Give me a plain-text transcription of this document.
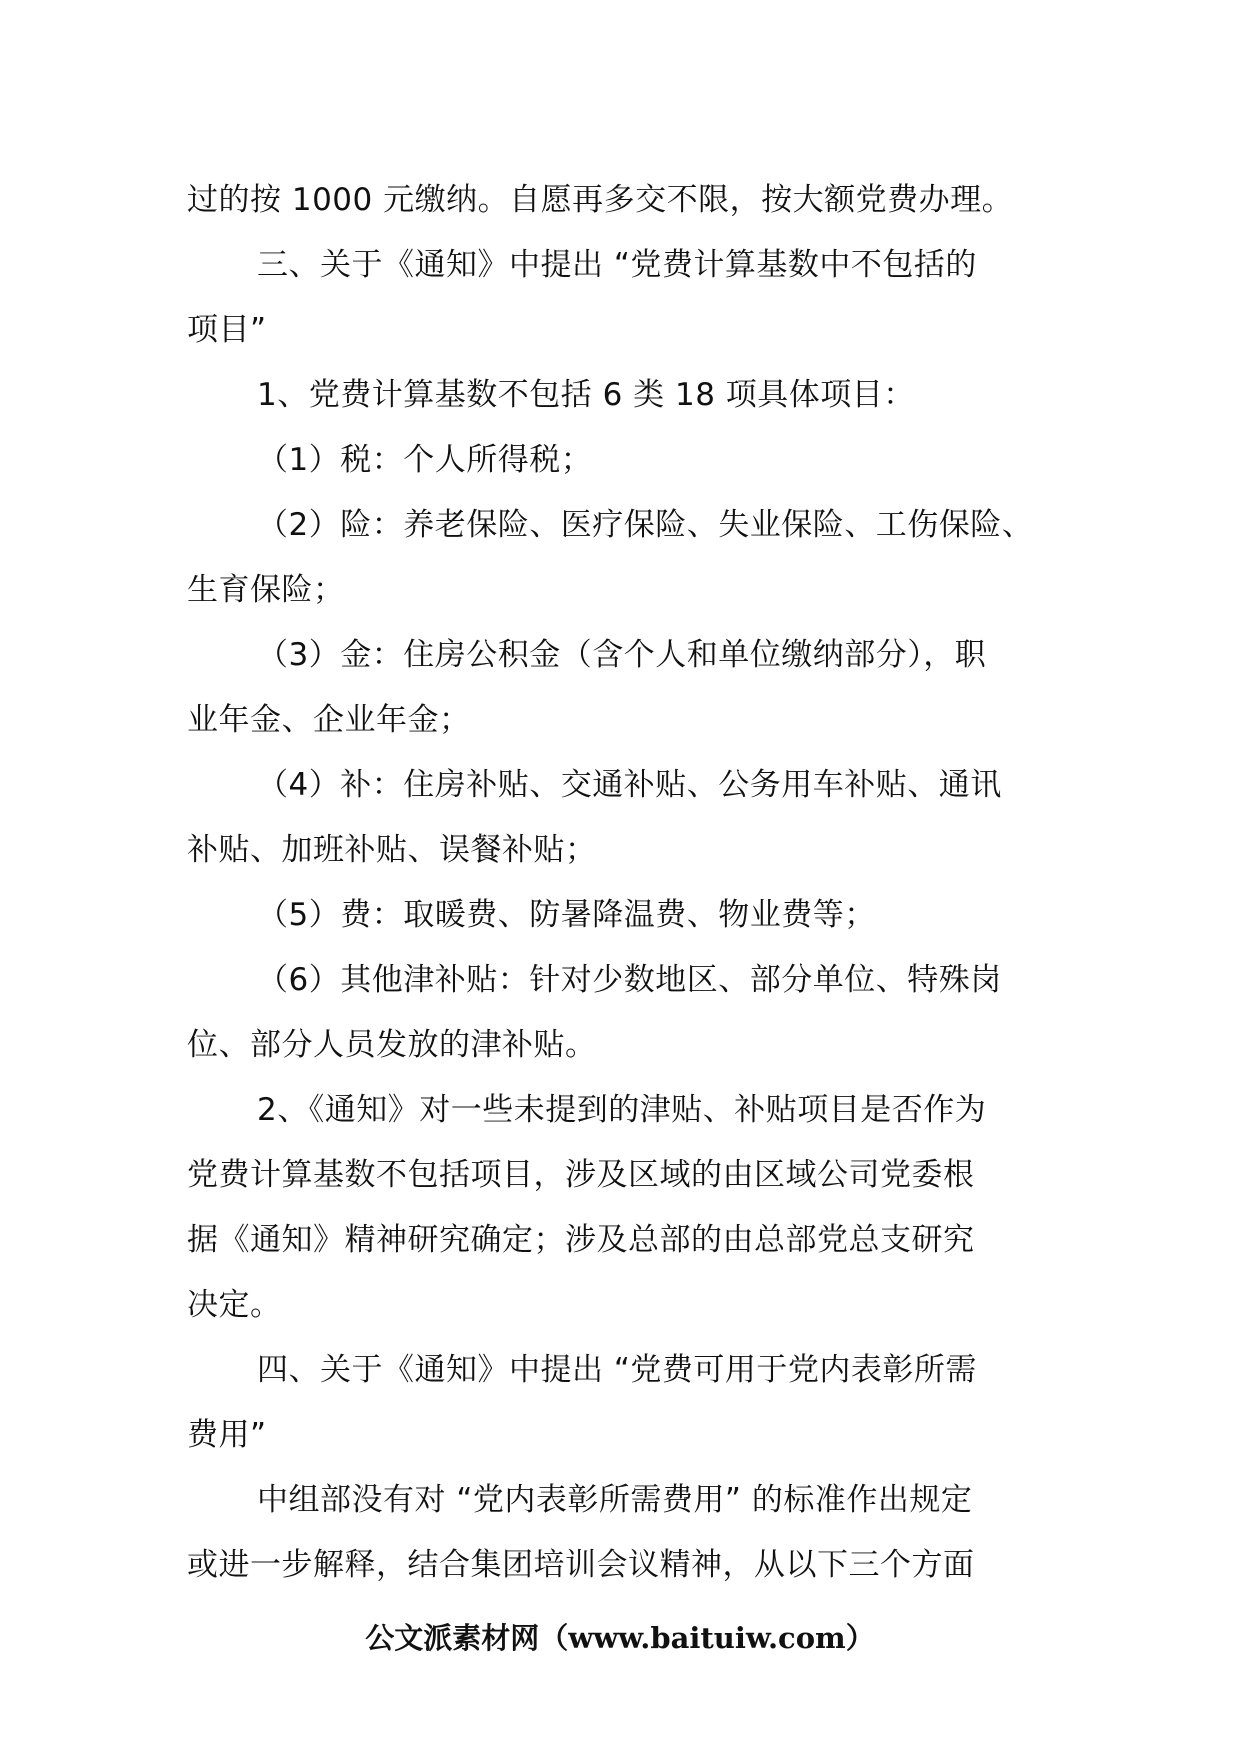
过的按 1000 元缴纳。自愿再多交不限，按大额党费办理。
三、关于《通知》中提出 “党费计算基数中不包括的
项目”
1、党费计算基数不包括 6 类 18 项具体项目：
（1）税：个人所得税；
（2）险：养老保险、医疗保险、失业保险、工伤保险、
生育保险；
（3）金：住房公积金（含个人和单位缴纳部分），职
业年金、企业年金；
（4）补：住房补贴、交通补贴、公务用车补贴、通讯
补贴、加班补贴、误餐补贴；
（5）费：取暖费、防暑降温费、物业费等；
（6）其他津补贴：针对少数地区、部分单位、特殊岗
位、部分人员发放的津补贴。
2、《通知》对一些未提到的津贴、补贴项目是否作为
党费计算基数不包括项目，涉及区域的由区域公司党委根
据《通知》精神研究确定；涉及总部的由总部党总支研究
决定。
四、关于《通知》中提出 “党费可用于党内表彰所需
费用”
中组部没有对 “党内表彰所需费用” 的标准作出规定
或进一步解释，结合集团培训会议精神，从以下三个方面
公文派素材网（www.baituiw.com）
